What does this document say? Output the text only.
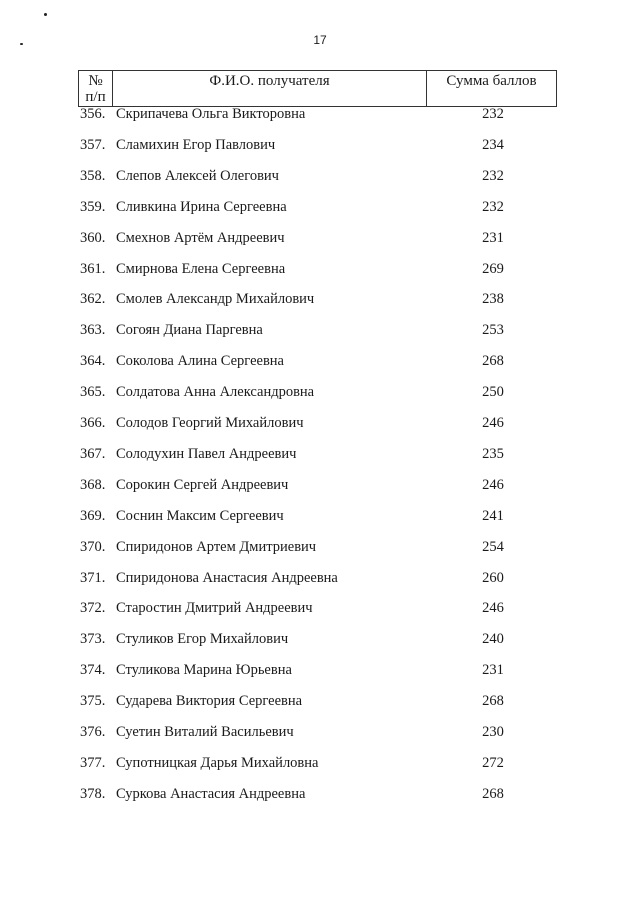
17
№
п/п
Ф.И.О. получателя	Сумма баллов
356. Скрипачева Ольга Викторовна	232
357. Сламихин Егор Павлович	234
358. Слепов Алексей Олегович	232
359. Сливкина Ирина Сергеевна	232
360. Смехнов Артём Андреевич	231
361. Смирнова Елена Сергеевна	269
362. Смолев Александр Михайлович	238
363. Согоян Диана Паргевна	253
364. Соколова Алина Сергеевна	268
365. Солдатова Анна Александровна	250
366. Солодов Георгий Михайлович	246
367. Солодухин Павел Андреевич	235
368. Сорокин Сергей Андреевич	246
369. Соснин Максим Сергеевич	241
370. Спиридонов Артем Дмитриевич	254
371. Спиридонова Анастасия Андреевна	260
372. Старостин Дмитрий Андреевич	246
373. Стуликов Егор Михайлович	240
374. Стуликова Марина Юрьевна	231
375. Сударева Виктория Сергеевна	268
376. Суетин Виталий Васильевич	230
377. Супотницкая Дарья Михайловна	272
378. Суркова Анастасия Андреевна	268
